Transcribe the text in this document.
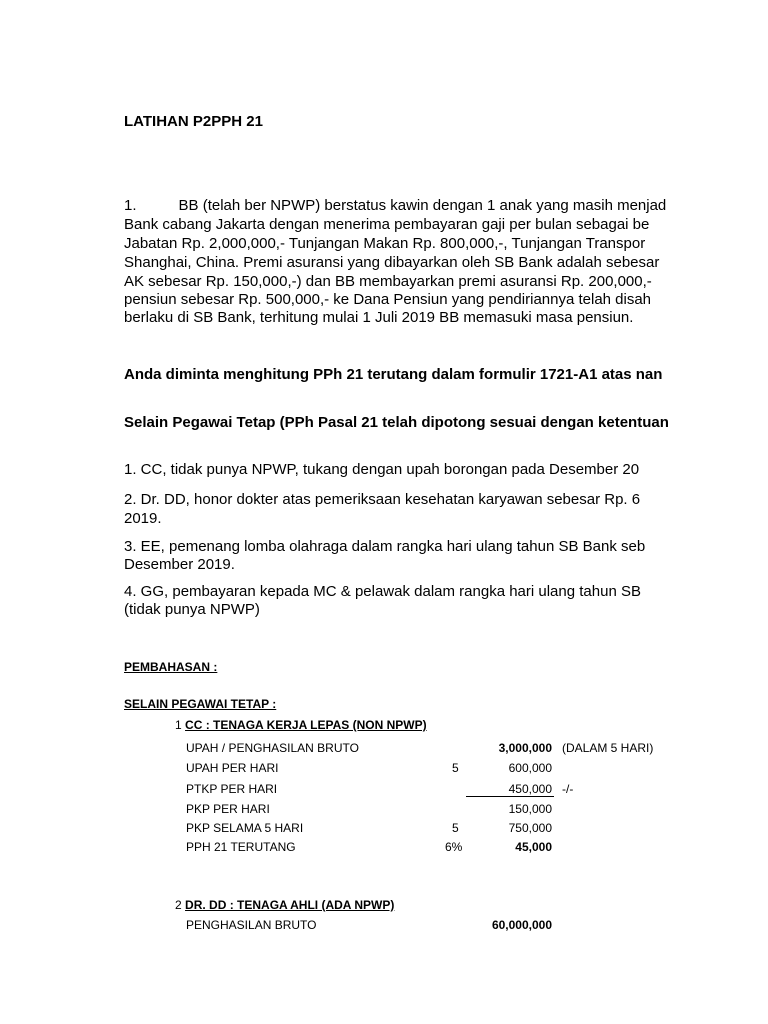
LATIHAN P2PPH 21
1.	BB (telah ber NPWP) berstatus kawin dengan 1 anak yang masih menjad
Bank cabang Jakarta dengan menerima pembayaran gaji per bulan sebagai be
Jabatan Rp. 2,000,000,- Tunjangan Makan Rp. 800,000,-, Tunjangan Transpor
Shanghai, China. Premi asuransi yang dibayarkan oleh SB Bank adalah sebesar
AK sebesar Rp. 150,000,-) dan BB membayarkan premi asuransi Rp. 200,000,-
pensiun sebesar Rp. 500,000,- ke Dana Pensiun yang pendiriannya telah disah
berlaku di SB Bank, terhitung mulai 1 Juli 2019 BB memasuki masa pensiun.
Anda diminta menghitung PPh 21 terutang dalam formulir 1721-A1 atas nan
Selain Pegawai Tetap (PPh Pasal 21 telah dipotong sesuai dengan ketentuan
1. CC, tidak punya NPWP, tukang dengan upah borongan pada Desember 20
2. Dr. DD, honor dokter atas pemeriksaan kesehatan karyawan sebesar Rp. 6
2019.
3. EE, pemenang lomba olahraga dalam rangka hari ulang tahun SB Bank seb
Desember 2019.
4. GG, pembayaran kepada MC & pelawak dalam rangka hari ulang tahun SB
(tidak punya NPWP)
PEMBAHASAN :
SELAIN PEGAWAI TETAP :
1 CC : TENAGA KERJA LEPAS (NON NPWP)
UPAH / PENGHASILAN BRUTO	3,000,000 (DALAM 5 HARI)
UPAH PER HARI	5	600,000
PTKP PER HARI	450,000 -/-
PKP PER HARI	150,000
PKP SELAMA 5 HARI	5	750,000
PPH 21 TERUTANG	6%	45,000
2 DR. DD : TENAGA AHLI (ADA NPWP)
PENGHASILAN BRUTO	60,000,000
